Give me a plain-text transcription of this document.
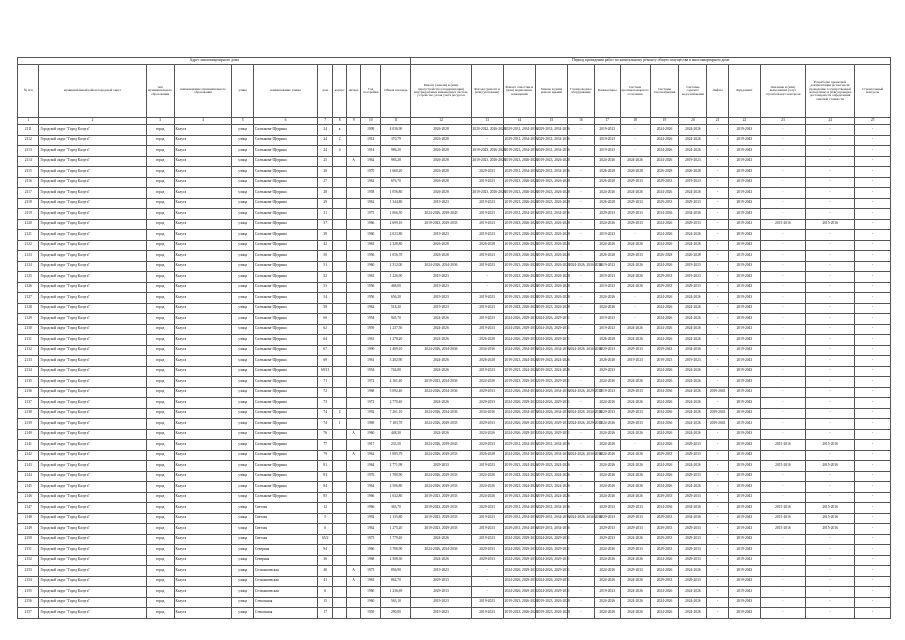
Адрес многоквартирного дома											Период проведения работ по капитальному ремонту общего имущества в многоквартирном доме													
№ п/п	муниципальный район/городской округ	тип муниципального образования	наименование муниципального образования	улица	наименование улицы	дом	корпус	литера	Год постройки	Общая площадь	Ремонт (замена) и (или) переустройство (модернизация) внутридомовых инженерных систем, устройство узлов учета ресурсов	Фасада (ремонт и (или) утепление)	Ремонт отмостки и (или) подвальных помещений	Замена и (или) ремонт крыши	Газопроводное оборудование	Компьютеры	Система противопожарного отопления	Системы газоснабжения	Системы горячего водоснабжения	Лифты	Фундамент	Оказание и (или) выполнение услуг строительного контроля	Разработка проектной документации (в том числе проведение государственной экспертизы) и (или) проверка достоверности определения сметной стоимости	Строительный контроль
1	2	3	4	5	6	7	8	9	10	11	12	13	14	15	16	17	18	19	20	21	22	23	24	25
2111	Городской округ "Город Калуга"	город	Калуга	улица	Салтыкова-Щедрина	24	к		1909	4 036,90	2026-2028	2020-2022, 2026-2028	2029-2031, 2034-2036	2029-2031, 2034-2036	-	2019-2023	-	2024-2026	2024-2026	-	2019-2043	-	-	-
2112	Городской округ "Город Калуга"	город	Калуга	улица	Салтыкова-Щедрина	24	2		1912	370,79	2026-2028	-	2029-2031, 2034-2036	2029-2031, 2034-2036	-	2019-2023	-	2024-2026	2024-2026	-	2019-2043	-	-	-
2113	Городской округ "Город Калуга"	город	Калуга	улица	Салтыкова-Щедрина	24	4		1914	986,20	2026-2028	2019-2023, 2026-2028	2019-2023, 2034-2036	2029-2031, 2034-2036	-	2019-2023	-	2024-2026	2024-2026	-	2019-2043	-	-	-
2114	Городской округ "Город Калуга"	город	Калуга	улица	Салтыкова-Щедрина	25		А	1962	983,28	2026-2028	2019-2023, 2026-2028	2019-2023, 2026-2028	2019-2023, 2026-2028	-	2024-2026	2024-2026	2024-2026	2019-2023	-	2019-2043	-	-	-
2115	Городской округ "Город Калуга"	город	Калуга	улица	Салтыкова-Щедрина	26			1970	1 660,20	2026-2028	2029-2033	2029-2031, 2034-2036	2029-2031, 2034-2036	-	2026-2028	2026-2028	2026-2028	2026-2028	-	2019-2043	-	-	-
2116	Городской округ "Город Калуга"	город	Калуга	улица	Салтыкова-Щедрина	27			1962	676,70	2026-2028	2019-2023	2019-2023, 2026-2028	2019-2023, 2026-2028	-	2026-2028	2029-2033	2029-2033	2019-2023	-	2019-2043	-	-	-
2117	Городской округ "Город Калуга"	город	Калуга	улица	Салтыкова-Щедрина	28			1958	1 056,80	2026-2028	2019-2023, 2026-2028	2019-2023, 2026-2028	2019-2023, 2026-2028	-	2024-2026	2024-2026	2024-2026	2024-2026	-	2019-2043	-	-	-
2118	Городской округ "Город Калуга"	город	Калуга	улица	Салтыкова-Щедрина	29			1962	1 344,80	2019-2023	2019-2023	2019-2023, 2026-2028	2019-2023, 2026-2028	-	2026-2028	2029-2033	2029-2033	2029-2033	-	2019-2043	-	-	-
2119	Городской округ "Город Калуга"	город	Калуга	улица	Салтыкова-Щедрина	31			1975	1 066,50	2024-2026, 2039-2043	2019-2023	2029-2031, 2034-2036	2029-2031, 2034-2036	-	2029-2033	2029-2033	2034-2036	2034-2036	-	2019-2043	-	-	-
2120	Городской округ "Город Калуга"	город	Калуга	улица	Салтыкова-Щедрина	37			1966	2 699,10	2019-2023, 2029-2033	2019-2023	2019-2023, 2026-2028	2019-2023, 2026-2028	-	2024-2026	2029-2033	2024-2026	2029-2033	-	2019-2043	2015-2016	2015-2016	-
2121	Городской округ "Город Калуга"	город	Калуга	улица	Салтыкова-Щедрина	39			1960	2 023,80	2019-2023	2019-2023	2019-2023, 2026-2028	2019-2023, 2026-2028	-	2019-2023	-	2024-2026	2024-2026	-	2019-2043	-	-	-
2122	Городской округ "Город Калуга"	город	Калуга	улица	Салтыкова-Щедрина	42			1963	2 328,80	2026-2028	2026-2028	2019-2023, 2026-2028	2019-2023, 2026-2028	-	2024-2026	2024-2026	2024-2026	2024-2026	-	2019-2043	-	-	-
2123	Городской округ "Город Калуга"	город	Калуга	улица	Салтыкова-Щедрина	50			1956	1 056,70	2026-2028	2019-2023	2019-2023, 2026-2028	2019-2023, 2026-2028	-	2026-2028	2029-2033	2026-2028	2026-2028	-	2019-2043	-	-	-
2124	Городской округ "Город Калуга"	город	Калуга	улица	Салтыкова-Щедрина	51			1960	2 512,00	2024-2026, 2034-2036	2019-2023	2019-2023, 2026-2028	2019-2023, 2026-2028	2024-2026, 2034-2036	2019-2023	2024-2026	2024-2026	2019-2023	-	2019-2043	-	-	-
2125	Городской округ "Город Калуга"	город	Калуга	улица	Салтыкова-Щедрина	52			1963	1 226,90	2019-2023	-	2019-2023, 2026-2028	2019-2023, 2026-2028	-	2019-2023	2024-2026	2029-2033	2019-2023	-	2019-2043	-	-	-
2126	Городской округ "Город Калуга"	город	Калуга	улица	Салтыкова-Щедрина	53			1956	468,00	2019-2023	-	2019-2023, 2026-2028	2019-2023, 2026-2028	-	2019-2023	2024-2026	2029-2033	2029-2033	-	2019-2043	-	-	-
2127	Городской округ "Город Калуга"	город	Калуга	улица	Салтыкова-Щедрина	54			1956	656,20	2019-2023	2019-2023	2019-2023, 2026-2028	2019-2023, 2026-2028	-	2024-2026	-	2024-2026	2024-2026	-	2019-2043	-	-	-
2128	Городской округ "Город Калуга"	город	Калуга	улица	Салтыкова-Щедрина	58			1962	518,20	2019-2023	2019-2023	2019-2023, 2026-2028	2019-2023, 2026-2028	-	2024-2026	-	2024-2026	2024-2026	-	2019-2043	-	-	-
2129	Городской округ "Город Калуга"	город	Калуга	улица	Салтыкова-Щедрина	60			1954	945,70	2024-2026	2019-2023	2024-2026, 2029-2031	2024-2026, 2029-2031	-	2019-2023	-	2024-2026	2024-2026	-	2019-2043	-	-	-
2130	Городской округ "Город Калуга"	город	Калуга	улица	Салтыкова-Щедрина	62			1959	1 237,50	2024-2026	2019-2023	2024-2026, 2029-2031	2024-2026, 2029-2031	-	2019-2023	2024-2026	2024-2026	2024-2026	-	2019-2043	-	-	-
2131	Городской округ "Город Калуга"	город	Калуга	улица	Салтыкова-Щедрина	64			1961	1 278,20	2024-2026	2026-2028	2024-2026, 2029-2031	2024-2026, 2029-2031	-	2026-2028	2024-2026	2024-2026	2024-2026	-	2019-2043	-	-	-
2132	Городской округ "Город Калуга"	город	Калуга	улица	Салтыкова-Щедрина	67			1990	1 409,10	2024-2026, 2034-2036	2034-2036	2024-2026, 2034-2036	2024-2026, 2034-2036	2024-2026, 2034-2036	2029-2033	2029-2033	2039-2043	2034-2036	-	2019-2043	-	-	-
2133	Городской округ "Город Калуга"	город	Калуга	улица	Салтыкова-Щедрина	69			1961	3 202,90	2024-2026	2026-2028	2019-2023, 2024-2026	2019-2023, 2024-2026	-	2026-2028	2019-2023	2019-2023	2019-2023	-	2019-2043	-	-	-
2134	Городской округ "Город Калуга"	город	Калуга	улица	Салтыкова-Щедрина	69/13			1954	744,80	2024-2026	2019-2023	2019-2023, 2024-2026	2019-2023, 2024-2026	-	2029-2033	-	2024-2026	2024-2026	-	2019-2043	-	-	-
2135	Городской округ "Город Калуга"	город	Калуга	улица	Салтыкова-Щедрина	71			1972	4 161,40	2019-2023, 2034-2036	2024-2026	2019-2023, 2029-2031	2019-2023, 2029-2031	-	2024-2026	2024-2026	2024-2026	2024-2026	-	2019-2043	-	-	-
2136	Городской округ "Город Калуга"	город	Калуга	улица	Салтыкова-Щедрина	72			1968	5 092,40	2024-2026, 2034-2036	2029-2033	2024-2026, 2034-2036	2024-2026, 2034-2036	2024-2026, 2029-2033	2019-2023	2029-2033	2034-2036	2024-2026	2039-2043	2019-2043	-	-	-
2137	Городской округ "Город Калуга"	город	Калуга	улица	Салтыкова-Щедрина	73			1972	2 770,40	2024-2026	2029-2033	2024-2026, 2029-2031	2024-2026, 2029-2031	-	2024-2026	2024-2026	2024-2026	2024-2026	-	2019-2043	-	-	-
2138	Городской округ "Город Калуга"	город	Калуга	улица	Салтыкова-Щедрина	74	2		1992	7 261,10	2024-2026, 2034-2036	2034-2036	2024-2026, 2034-2036	2024-2026, 2034-2036	2024-2026, 2034-2036	2029-2033	2029-2033	2034-2036	2024-2026	2039-2043	2019-2043	-	-	-
2139	Городской округ "Город Калуга"	город	Калуга	улица	Салтыкова-Щедрина	74	1		1969	7 183,70	2024-2026, 2029-2033	2029-2033	2024-2026, 2029-2031	2024-2026, 2029-2031	2024-2026, 2029-2033	2024-2026	2029-2033	2034-2036	2024-2026	2039-2043	2019-2043	-	-	-
2140	Городской округ "Город Калуга"	город	Калуга	улица	Салтыкова-Щедрина	76		А	1960	448,30	2024-2026	2024-2026	2024-2026, 2029-2031	2024-2026, 2029-2031	-	2024-2026	2024-2026	2024-2026	2024-2026	-	2019-2043	-	-	-
2141	Городской округ "Город Калуга"	город	Калуга	улица	Салтыкова-Щедрина	77			1917	233,50	2024-2026, 2039-2043	2029-2033	2029-2031, 2034-2036	2029-2031, 2034-2036	-	2024-2026	-	2024-2026	2029-2033	-	2019-2043	2015-2016	2015-2016	-
2142	Городской округ "Город Калуга"	город	Калуга	улица	Салтыкова-Щедрина	79		А	1962	1 085,79	2024-2026, 2029-2033	2026-2028	2024-2026, 2034-2036	2024-2026, 2034-2036	2024-2026, 2034-2036	2024-2026	2024-2026	2029-2033	2029-2033	-	2019-2043	-	-	-
2143	Городской округ "Город Калуга"	город	Калуга	улица	Салтыкова-Щедрина	81			1964	2 771,98	2029-2033	2019-2023	2019-2023, 2024-2026	2019-2023, 2024-2026	-	2024-2026	2024-2026	2024-2026	2024-2026	-	2019-2043	2015-2016	2015-2016	-
2144	Городской округ "Город Калуга"	город	Калуга	улица	Салтыкова-Щедрина	83			1976	1 780,90	2024-2026, 2029-2033	2024-2026	2019-2023, 2024-2026	2019-2023, 2024-2026	-	2024-2026	2024-2026	2024-2026	2029-2033	-	2019-2043	-	-	-
2145	Городской округ "Город Калуга"	город	Калуга	улица	Салтыкова-Щедрина	84			1964	2 506,80	2024-2026, 2029-2033	2024-2026	2019-2023, 2024-2026	2019-2023, 2024-2026	-	2024-2026	2024-2026	2024-2026	2024-2026	-	2019-2043	-	-	-
2146	Городской округ "Город Калуга"	город	Калуга	улица	Салтыкова-Щедрина	85			1966	1 632,80	2019-2023, 2029-2033	2024-2026	2019-2023, 2024-2026	2019-2023, 2024-2026	-	2024-2026	2024-2026	2029-2033	2029-2033	-	2019-2043	-	-	-
2147	Городской округ "Город Калуга"	город	Калуга	улица	Светлая	12			1966	363,70	2019-2023, 2029-2033	2029-2033	2029-2031, 2034-2036	2029-2031, 2034-2036	-	2029-2033	2029-2033	2034-2036	2034-2036	-	2019-2043	2015-2016	2015-2016	-
2148	Городской округ "Город Калуга"	город	Калуга	улица	Светлая	5			1992	1 135,80	2019-2023, 2029-2033	2019-2023	2029-2031, 2034-2036	2029-2031, 2034-2036	2024-2026, 2034-2036	2029-2033	2029-2033	2029-2033	2034-2036	-	2019-2043	2015-2016	2015-2016	-
2149	Городской округ "Город Калуга"	город	Калуга	улица	Светлая	6			1962	1 275,20	2019-2023, 2029-2033	2019-2023	2029-2031, 2034-2036	2029-2031, 2034-2036	-	2029-2033	2029-2033	2029-2033	2029-2033	-	2019-2043	2015-2016	2015-2016	-
2150	Городской округ "Город Калуга"	город	Калуга	улица	Светлая	65/2			1975	1 779,40	2024-2026	2019-2023	2024-2026, 2029-2031	2024-2026, 2029-2031	-	2029-2033	2024-2026	2029-2033	2029-2033	-	2019-2043	-	-	-
2151	Городской округ "Город Калуга"	город	Калуга	улица	Северная	94			1966	3 786,90	2024-2026, 2034-2036	2029-2033	2024-2026, 2029-2031	2024-2026, 2029-2031	-	2024-2026	2029-2033	2029-2033	2029-2033	-	2019-2043	-	-	-
2152	Городской округ "Город Калуга"	город	Калуга	улица	Северная	36			1968	2 508,30	2024-2026	2029-2033	2024-2026, 2029-2031	2024-2026, 2029-2031	-	2024-2026	2024-2026	2024-2026	2029-2033	-	2019-2043	-	-	-
2153	Городской округ "Город Калуга"	город	Калуга	улица	Сельмашевская	46		А	1975	856,90	2019-2023	-	2024-2026, 2029-2031	2024-2026, 2029-2031	-	2024-2026	2029-2033	2024-2026	2024-2026	-	2019-2043	-	-	-
2154	Городской округ "Город Калуга"	город	Калуга	улица	Сельмашевская	41		А	1963	862,70	2029-2033	-	2024-2026, 2029-2031	2024-2026, 2029-2031	-	2024-2026	2024-2026	2029-2033	2029-2033	-	2019-2043	-	-	-
2155	Городской округ "Город Калуга"	город	Калуга	улица	Сельмашевская	6			1960	1 236,69	2029-2033	-	2024-2026, 2029-2031	2024-2026, 2029-2031	-	2019-2023	2024-2026	2024-2026	2024-2026	-	2019-2043	-	-	-
2156	Городской округ "Город Калуга"	город	Калуга	улица	Стекольная	15			1960	563,10	2019-2023	2019-2023	2019-2023, 2026-2028	2019-2023, 2026-2028	-	2024-2026	2024-2026	2024-2026	2024-2026	-	2019-2043	-	-	-
2157	Городской округ "Город Калуга"	город	Калуга	улица	Стекольная	17			1959	290,00	2019-2023	2019-2023	2019-2023, 2026-2028	2019-2023, 2026-2028	-	2024-2026	2024-2026	2024-2026	2024-2026	-	2019-2043	-	-	-
